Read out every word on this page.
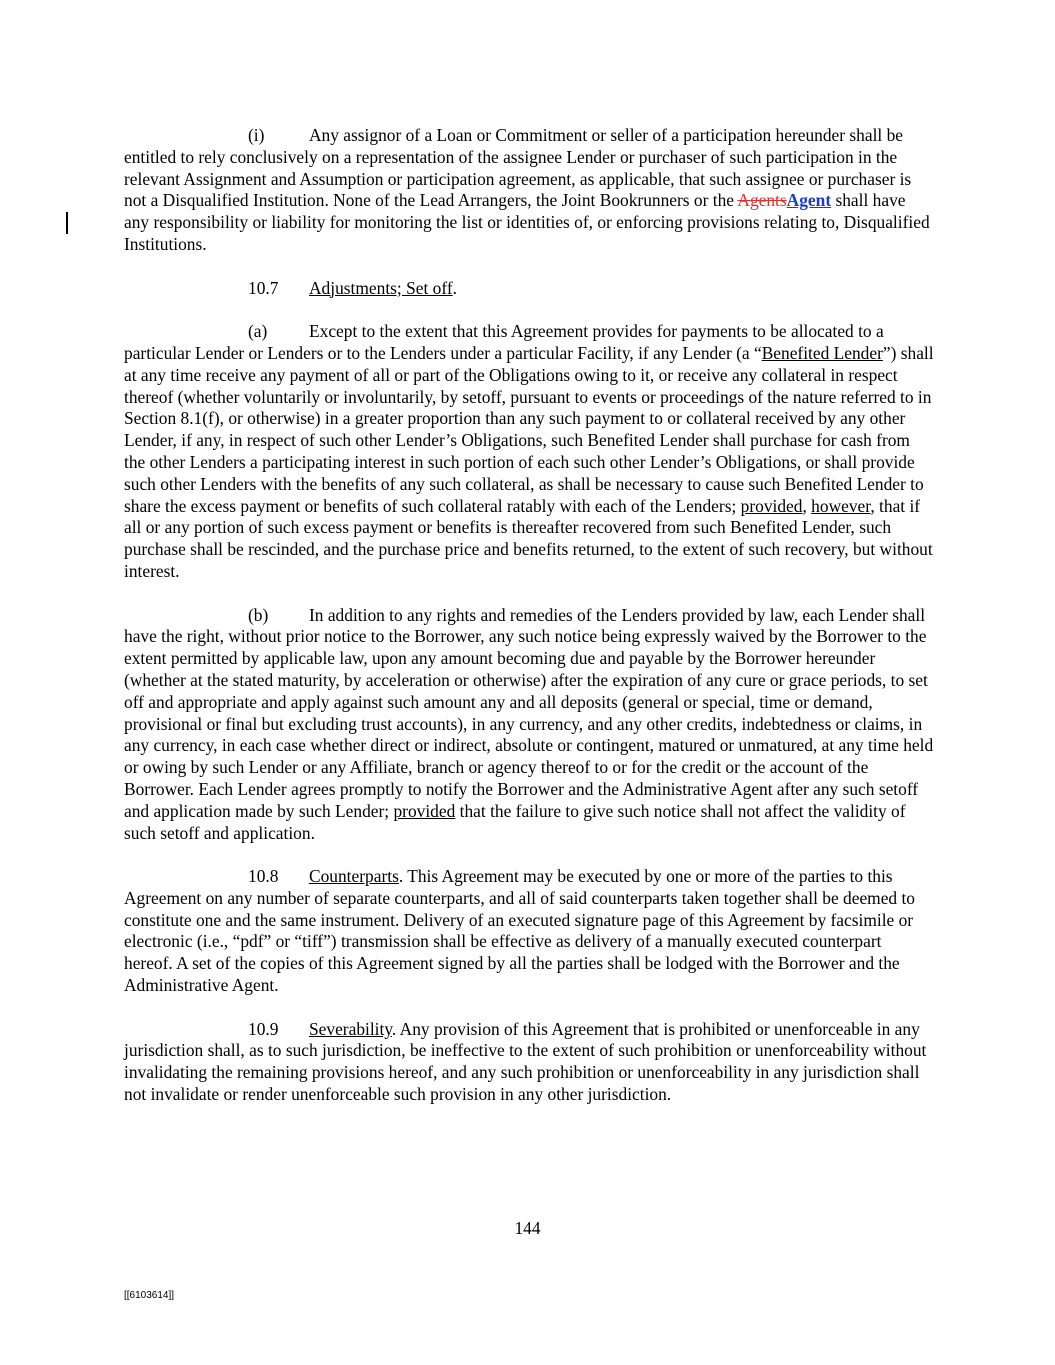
(i)	Any assignor of a Loan or Commitment or seller of a participation hereunder shall be entitled to rely conclusively on a representation of the assignee Lender or purchaser of such participation in the relevant Assignment and Assumption or participation agreement, as applicable, that such assignee or purchaser is not a Disqualified Institution. None of the Lead Arrangers, the Joint Bookrunners or the AgentsAgent shall have any responsibility or liability for monitoring the list or identities of, or enforcing provisions relating to, Disqualified Institutions.

10.7 Adjustments; Set off.

(a) Except to the extent that this Agreement provides for payments to be allocated to a particular Lender or Lenders or to the Lenders under a particular Facility, if any Lender (a “Benefited Lender”) shall at any time receive any payment of all or part of the Obligations owing to it, or receive any collateral in respect thereof (whether voluntarily or involuntarily, by setoff, pursuant to events or proceedings of the nature referred to in Section 8.1(f), or otherwise) in a greater proportion than any such payment to or collateral received by any other Lender, if any, in respect of such other Lender’s Obligations, such Benefited Lender shall purchase for cash from the other Lenders a participating interest in such portion of each such other Lender’s Obligations, or shall provide such other Lenders with the benefits of any such collateral, as shall be necessary to cause such Benefited Lender to share the excess payment or benefits of such collateral ratably with each of the Lenders; provided, however, that if all or any portion of such excess payment or benefits is thereafter recovered from such Benefited Lender, such purchase shall be rescinded, and the purchase price and benefits returned, to the extent of such recovery, but without interest.

(b) In addition to any rights and remedies of the Lenders provided by law, each Lender shall have the right, without prior notice to the Borrower, any such notice being expressly waived by the Borrower to the extent permitted by applicable law, upon any amount becoming due and payable by the Borrower hereunder (whether at the stated maturity, by acceleration or otherwise) after the expiration of any cure or grace periods, to set off and appropriate and apply against such amount any and all deposits (general or special, time or demand, provisional or final but excluding trust accounts), in any currency, and any other credits, indebtedness or claims, in any currency, in each case whether direct or indirect, absolute or contingent, matured or unmatured, at any time held or owing by such Lender or any Affiliate, branch or agency thereof to or for the credit or the account of the Borrower. Each Lender agrees promptly to notify the Borrower and the Administrative Agent after any such setoff and application made by such Lender; provided that the failure to give such notice shall not affect the validity of such setoff and application.

10.8 Counterparts. This Agreement may be executed by one or more of the parties to this Agreement on any number of separate counterparts, and all of said counterparts taken together shall be deemed to constitute one and the same instrument. Delivery of an executed signature page of this Agreement by facsimile or electronic (i.e., “pdf” or “tiff”) transmission shall be effective as delivery of a manually executed counterpart hereof. A set of the copies of this Agreement signed by all the parties shall be lodged with the Borrower and the Administrative Agent.

10.9 Severability. Any provision of this Agreement that is prohibited or unenforceable in any jurisdiction shall, as to such jurisdiction, be ineffective to the extent of such prohibition or unenforceability without invalidating the remaining provisions hereof, and any such prohibition or unenforceability in any jurisdiction shall not invalidate or render unenforceable such provision in any other jurisdiction.

144
[[6103614]]
